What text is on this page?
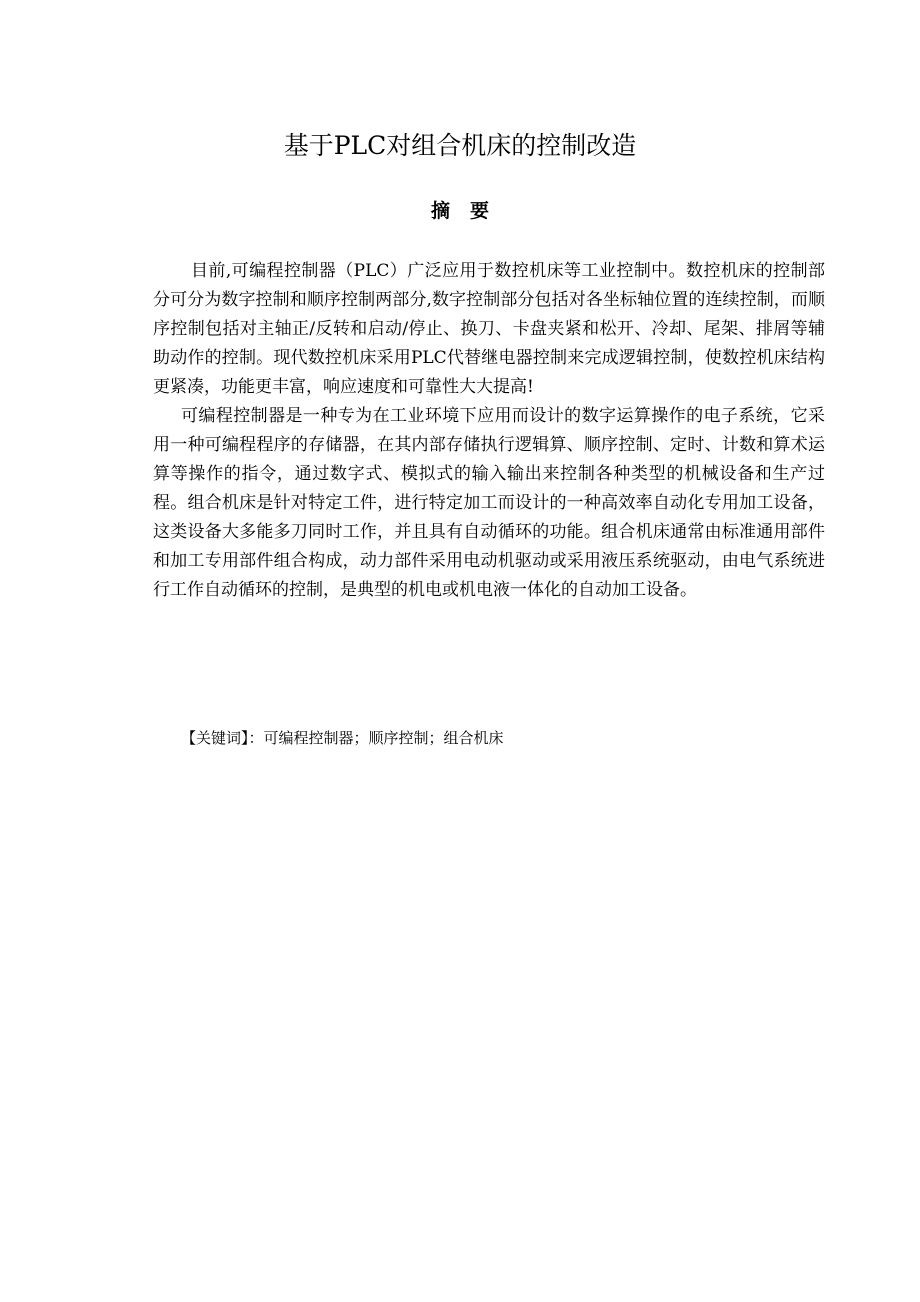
基于PLC对组合机床的控制改造
摘要

目前,可编程控制器（PLC）广泛应用于数控机床等工业控制中。数控机床的控制部分可分为数字控制和顺序控制两部分,数字控制部分包括对各坐标轴位置的连续控制，而顺序控制包括对主轴正/反转和启动/停止、换刀、卡盘夹紧和松开、冷却、尾架、排屑等辅助动作的控制。现代数控机床采用PLC代替继电器控制来完成逻辑控制，使数控机床结构更紧凑，功能更丰富，响应速度和可靠性大大提高!

可编程控制器是一种专为在工业环境下应用而设计的数字运算操作的电子系统，它采用一种可编程程序的存储器，在其内部存储执行逻辑算、顺序控制、定时、计数和算术运算等操作的指令，通过数字式、模拟式的输入输出来控制各种类型的机械设备和生产过程。组合机床是针对特定工件，进行特定加工而设计的一种高效率自动化专用加工设备，这类设备大多能多刀同时工作，并且具有自动循环的功能。组合机床通常由标准通用部件和加工专用部件组合构成，动力部件采用电动机驱动或采用液压系统驱动，由电气系统进行工作自动循环的控制，是典型的机电或机电液一体化的自动加工设备。

【关键词】：可编程控制器；顺序控制；组合机床
